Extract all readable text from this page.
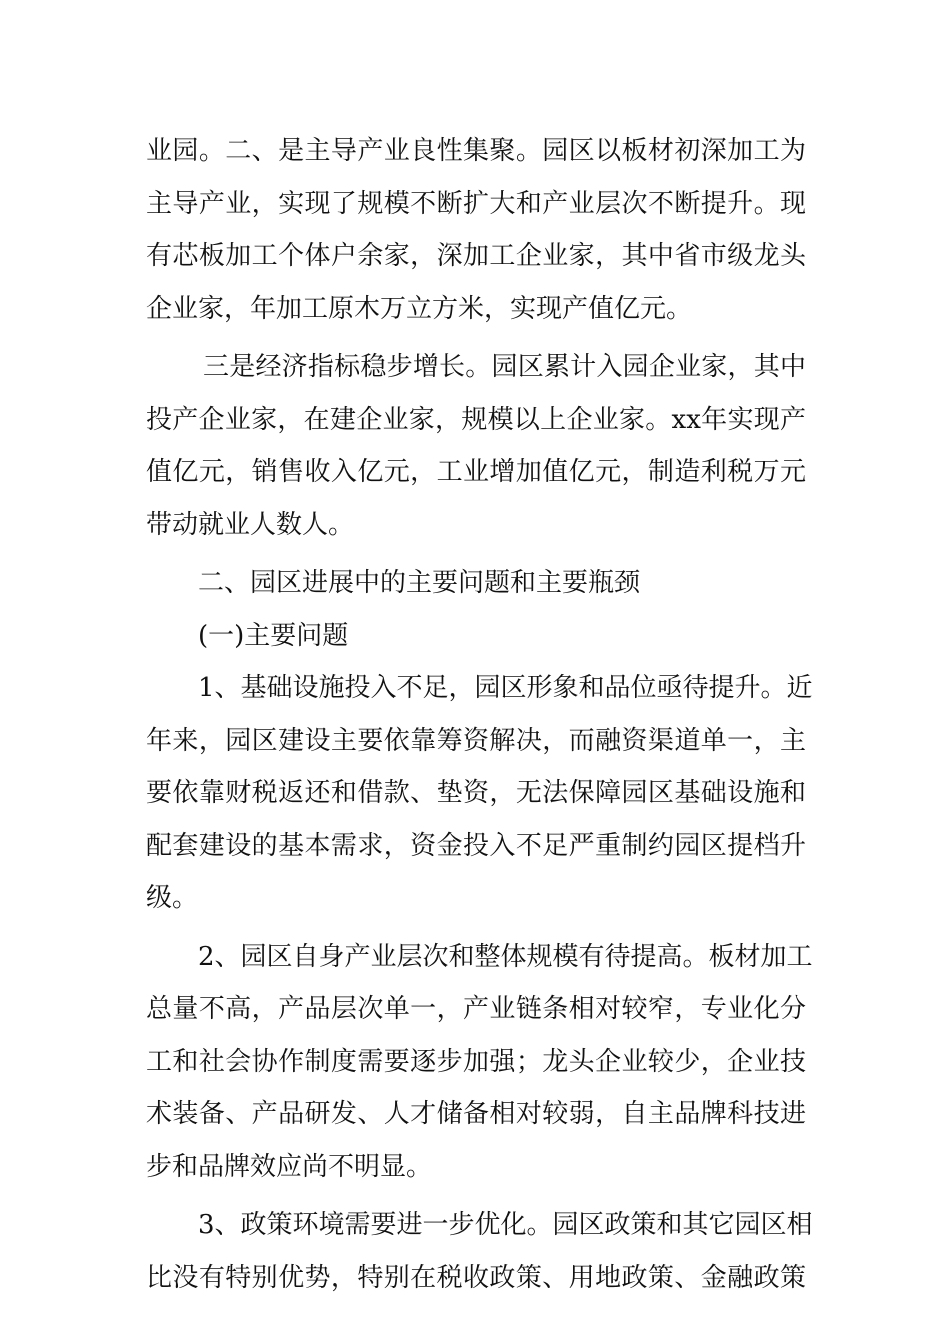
业园。二、是主导产业良性集聚。园区以板材初深加工为
主导产业，实现了规模不断扩大和产业层次不断提升。现
有芯板加工个体户余家，深加工企业家，其中省市级龙头
企业家，年加工原木万立方米，实现产值亿元。
三是经济指标稳步增长。园区累计入园企业家，其中
投产企业家，在建企业家，规模以上企业家。xx年实现产
值亿元，销售收入亿元，工业增加值亿元，制造利税万元
带动就业人数人。
二、园区进展中的主要问题和主要瓶颈
(一)主要问题
1、基础设施投入不足，园区形象和品位亟待提升。近
年来，园区建设主要依靠筹资解决，而融资渠道单一，主
要依靠财税返还和借款、垫资，无法保障园区基础设施和
配套建设的基本需求，资金投入不足严重制约园区提档升
级。
2、园区自身产业层次和整体规模有待提高。板材加工
总量不高，产品层次单一，产业链条相对较窄，专业化分
工和社会协作制度需要逐步加强；龙头企业较少，企业技
术装备、产品研发、人才储备相对较弱，自主品牌科技进
步和品牌效应尚不明显。
3、政策环境需要进一步优化。园区政策和其它园区相
比没有特别优势，特别在税收政策、用地政策、金融政策
